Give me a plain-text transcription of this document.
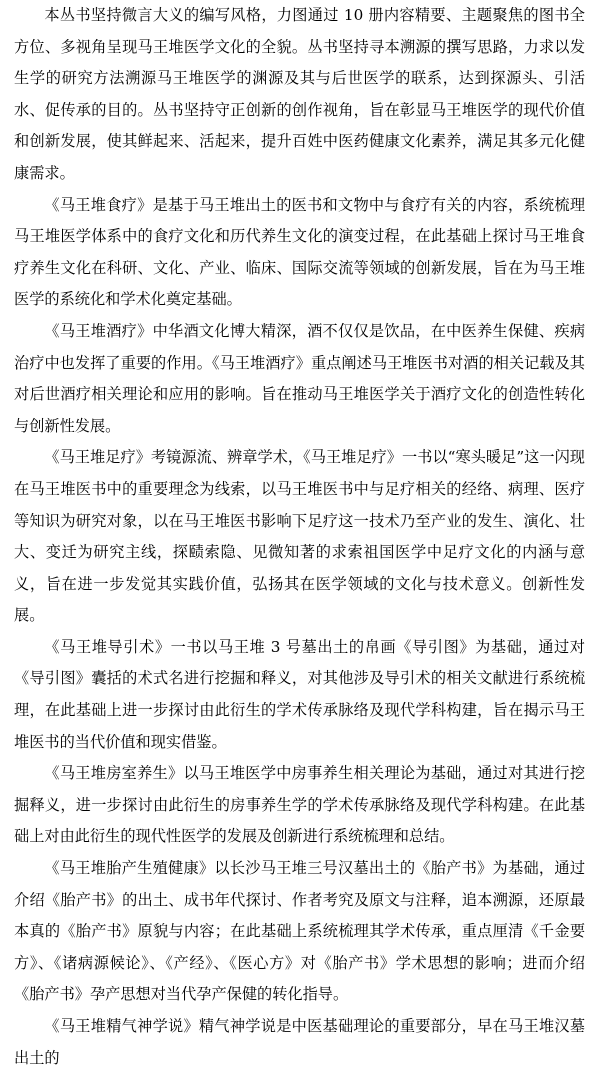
本丛书坚持微言大义的编写风格，力图通过 10 册内容精要、主题聚焦的图书全方位、多视角呈现马王堆医学文化的全貌。丛书坚持寻本溯源的撰写思路，力求以发生学的研究方法溯源马王堆医学的渊源及其与后世医学的联系，达到探源头、引活水、促传承的目的。丛书坚持守正创新的创作视角，旨在彰显马王堆医学的现代价值和创新发展，使其鲜起来、活起来，提升百姓中医药健康文化素养，满足其多元化健康需求。

《马王堆食疗》是基于马王堆出土的医书和文物中与食疗有关的内容，系统梳理马王堆医学体系中的食疗文化和历代养生文化的演变过程，在此基础上探讨马王堆食疗养生文化在科研、文化、产业、临床、国际交流等领域的创新发展，旨在为马王堆医学的系统化和学术化奠定基础。

《马王堆酒疗》中华酒文化博大精深，酒不仅仅是饮品，在中医养生保健、疾病治疗中也发挥了重要的作用。《马王堆酒疗》重点阐述马王堆医书对酒的相关记载及其对后世酒疗相关理论和应用的影响。旨在推动马王堆医学关于酒疗文化的创造性转化与创新性发展。

《马王堆足疗》考镜源流、辨章学术，《马王堆足疗》一书以“寒头暖足”这一闪现在马王堆医书中的重要理念为线索，以马王堆医书中与足疗相关的经络、病理、医疗等知识为研究对象，以在马王堆医书影响下足疗这一技术乃至产业的发生、演化、壮大、变迁为研究主线，探赜索隐、见微知著的求索祖国医学中足疗文化的内涵与意义，旨在进一步发觉其实践价值，弘扬其在医学领域的文化与技术意义。创新性发展。

《马王堆导引术》一书以马王堆 3 号墓出土的帛画《导引图》为基础，通过对《导引图》囊括的术式名进行挖掘和释义，对其他涉及导引术的相关文献进行系统梳理，在此基础上进一步探讨由此衍生的学术传承脉络及现代学科构建，旨在揭示马王堆医书的当代价值和现实借鉴。

《马王堆房室养生》以马王堆医学中房事养生相关理论为基础，通过对其进行挖掘释义，进一步探讨由此衍生的房事养生学的学术传承脉络及现代学科构建。在此基础上对由此衍生的现代性医学的发展及创新进行系统梳理和总结。

《马王堆胎产生殖健康》以长沙马王堆三号汉墓出土的《胎产书》为基础，通过介绍《胎产书》的出土、成书年代探讨、作者考究及原文与注释，追本溯源，还原最本真的《胎产书》原貌与内容；在此基础上系统梳理其学术传承，重点厘清《千金要方》、《诸病源候论》、《产经》、《医心方》对《胎产书》学术思想的影响；进而介绍《胎产书》孕产思想对当代孕产保健的转化指导。

《马王堆精气神学说》精气神学说是中医基础理论的重要部分，早在马王堆汉墓出土的
